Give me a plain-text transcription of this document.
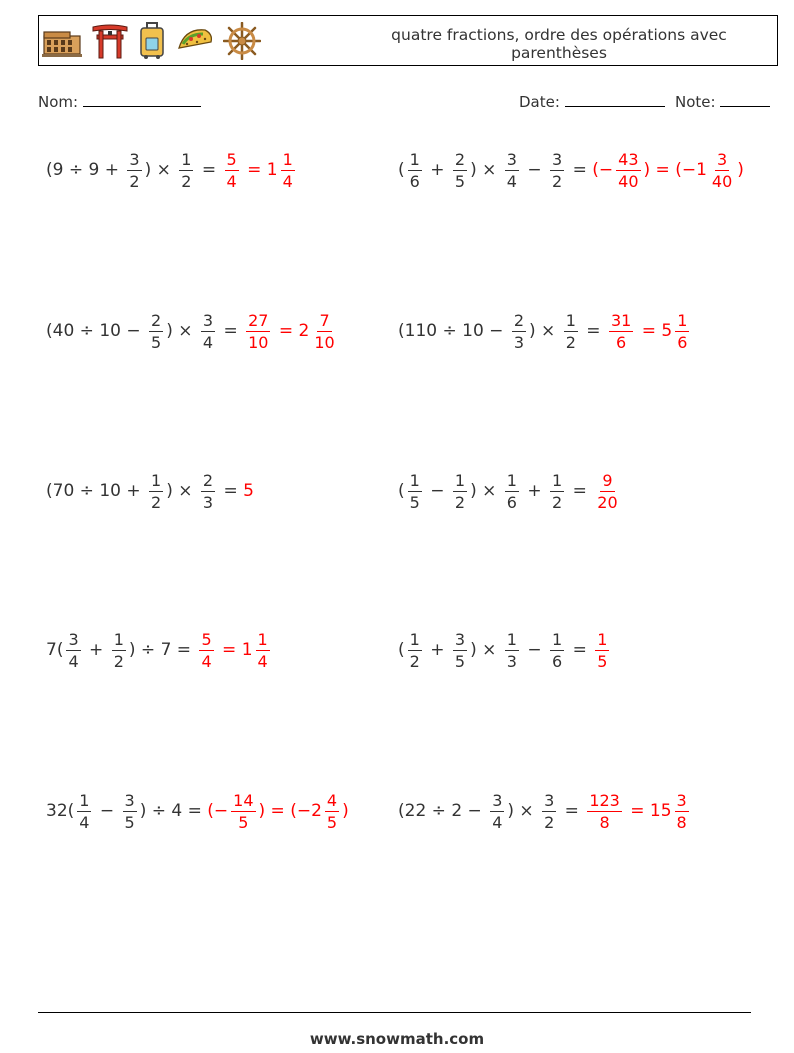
quatre fractions, ordre des opérations avec parenthèses
Nom:	Date:	Note:
($9 \div 9 + \frac{3}{2}$ ) × $\frac{1}{2} = \frac{5}{4} = 1 \frac{1}{4}$	( $\frac{1}{6} + \frac{2}{5}$ ) × $\frac{3}{4} - \frac{3}{2}$ = (− $\frac{43}{40}$ ) = ($-1 \frac{3}{40}$ )
($40 \div 10 - \frac{2}{5}$ ) × $\frac{3}{4} = \frac{27}{10} = 2 \frac{7}{10}$	($110 \div 10 - \frac{2}{3}$ ) × $\frac{1}{2} = \frac{31}{6} = 5 \frac{1}{6}$
($70 \div 10 + \frac{1}{2}$ ) × $\frac{2}{3} = 5$	( $\frac{1}{5} - \frac{1}{2}$ ) × $\frac{1}{6} + \frac{1}{2} = \frac{9}{20}$
$7( \frac{3}{4} + \frac{1}{2}$ ) ÷ $7 = \frac{5}{4} = 1 \frac{1}{4}$	( $\frac{1}{2} + \frac{3}{5}$ ) × $\frac{1}{3} - \frac{1}{6} = \frac{1}{5}$
$32( \frac{1}{4} - \frac{3}{5}$ ) ÷ 4 = (− $\frac{14}{5}$ ) = ($-2 \frac{4}{5}$ )	($22 \div 2 - \frac{3}{4}$ ) × $\frac{3}{2} = \frac{123}{8} = 15 \frac{3}{8}$
www.snowmath.com
